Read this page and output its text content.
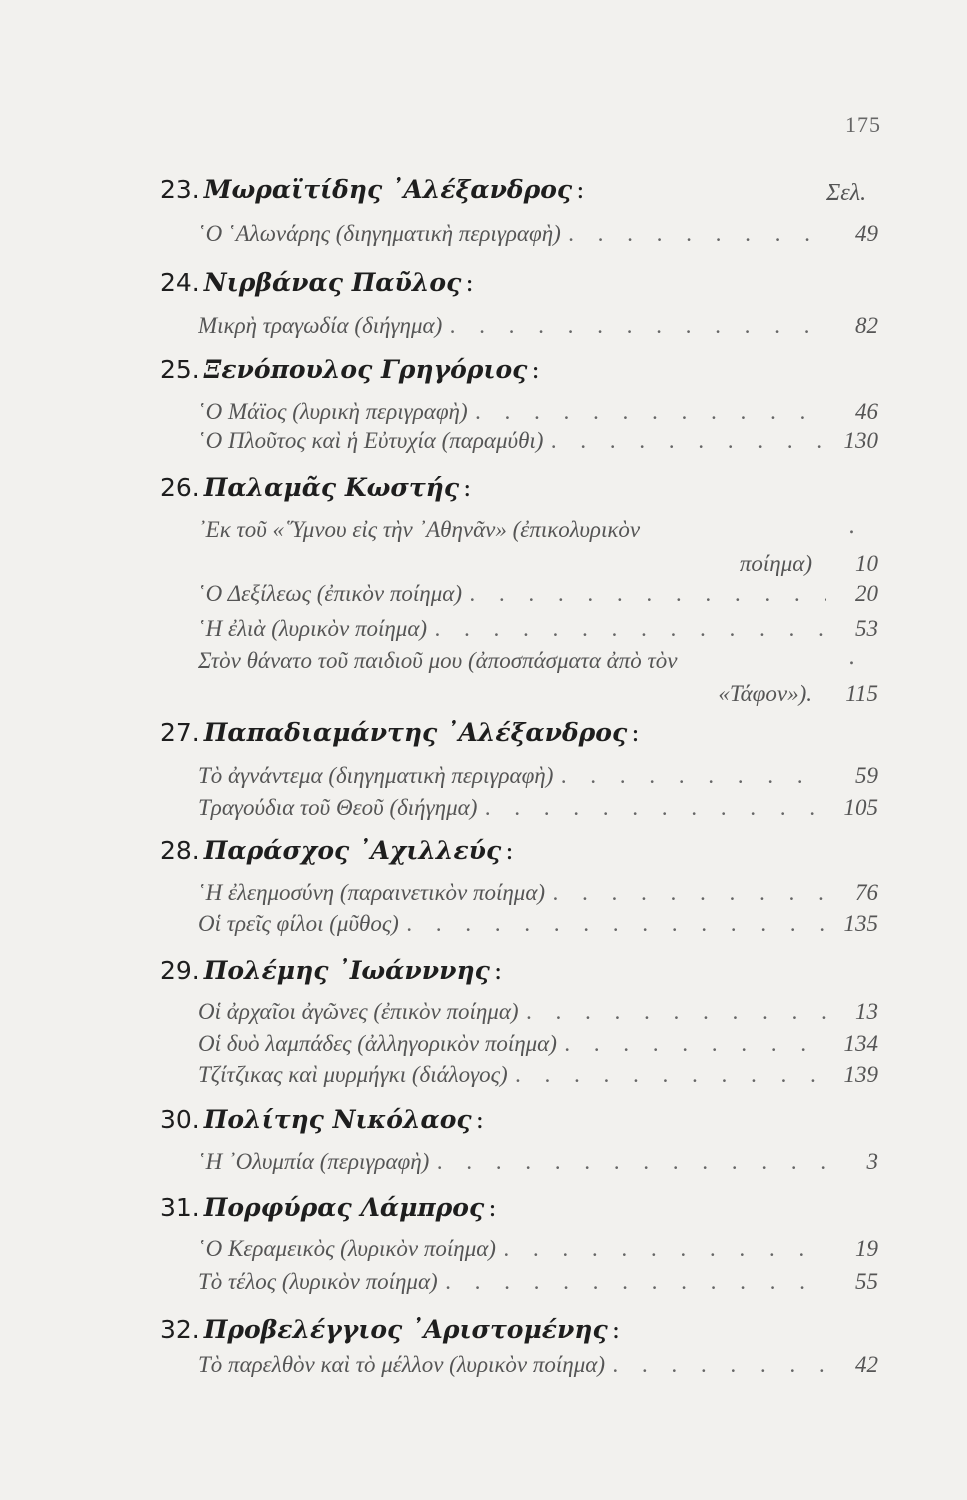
175
Σελ.
23. Μωραϊτίδης ᾿Αλέξανδρος :
῾Ο ῾Αλωνάρης (διηγηματικὴ περιγραφὴ) . . .	49
24. Νιρβάνας Παῦλος :
Μικρὴ τραγωδία (διήγημα) . . .	82
25. Ξενόπουλος Γρηγόριος :
῾Ο Μάϊος (λυρικὴ περιγραφὴ) . . .	46
῾Ο Πλοῦτος καὶ ἡ Εὐτυχία (παραμύθι) . . .	130
26. Παλαμᾶς Κωστής :
᾿Εκ τοῦ «῞Υμνου εἰς τὴν ᾿Αθηνᾶν» (ἐπικολυρικὸν	.
ποίημα) 10
῾Ο Δεξίλεως (ἐπικὸν ποίημα) . . .	20
῾Η ἐλιὰ (λυρικὸν ποίημα) . . .	53
Στὸν θάνατο τοῦ παιδιοῦ μου (ἀποσπάσματα ἀπὸ τὸν	.
«Τάφον»). 115
27. Παπαδιαμάντης ᾿Αλέξανδρος :
Τὸ ἀγνάντεμα (διηγηματικὴ περιγραφὴ) . . .	59
Τραγούδια τοῦ Θεοῦ (διήγημα) . . .	105
28. Παράσχος ᾿Αχιλλεύς :
῾Η ἐλεημοσύνη (παραινετικὸν ποίημα) . . .	76
Οἱ τρεῖς φίλοι (μῦθος) . . .	135
29. Πολέμης ᾿Ιωάνννης :
Οἱ ἀρχαῖοι ἀγῶνες (ἐπικὸν ποίημα) . . .	13
Οἱ δυὸ λαμπάδες (ἀλληγορικὸν ποίημα) . . .	134
Τζίτζικας καὶ μυρμήγκι (διάλογος) . . .	139
30. Πολίτης Νικόλαος :
῾Η ᾿Ολυμπία (περιγραφὴ) . . .	3
31. Πορφύρας Λάμπρος :
῾Ο Κεραμεικὸς (λυρικὸν ποίημα) . . .	19
Τὸ τέλος (λυρικὸν ποίημα) . . .	55
32. Προβελέγγιος ᾿Αριστομένης :
Τὸ παρελθὸν καὶ τὸ μέλλον (λυρικὸν ποίημα) . . .	42
